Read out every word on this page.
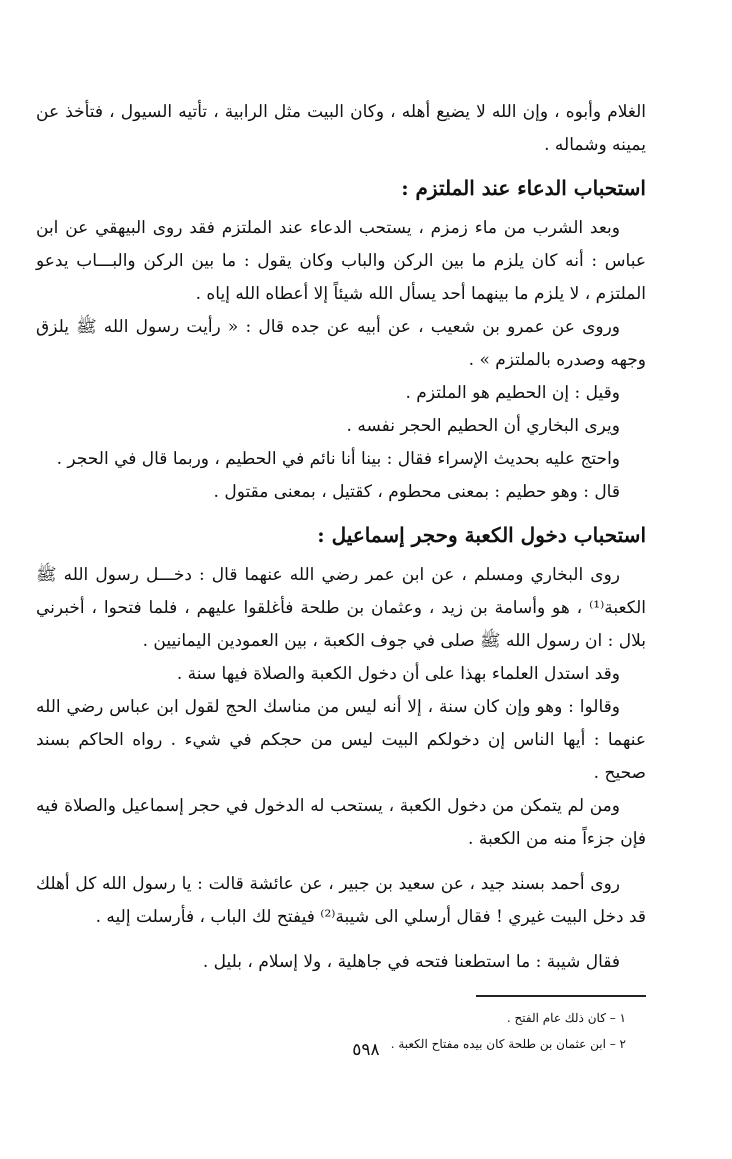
الغلام وأبوه ، وإن الله لا يضيع أهله ، وكان البيت مثل الرابية ، تأتيه السيول ، فتأخذ عن يمينه وشماله .

استحباب الدعاء عند الملتزم :

وبعد الشرب من ماء زمزم ، يستحب الدعاء عند الملتزم فقد روى البيهقي عن ابن عباس : أنه كان يلزم ما بين الركن والباب وكان يقول : ما بين الركن والبـــاب يدعو الملتزم ، لا يلزم ما بينهما أحد يسأل الله شيئاً إلا أعطاه الله إياه .

وروى عن عمرو بن شعيب ، عن أبيه عن جده قال : « رأيت رسول الله ﷺ يلزق وجهه وصدره بالملتزم » .

وقيل : إن الحطيم هو الملتزم .

ويرى البخاري أن الحطيم الحجر نفسه .

واحتج عليه بحديث الإسراء فقال : بينا أنا نائم في الحطيم ، وربما قال في الحجر .

قال : وهو حطيم : بمعنى محطوم ، كقتيل ، بمعنى مقتول .

استحباب دخول الكعبة وحجر إسماعيل :

روى البخاري ومسلم ، عن ابن عمر رضي الله عنهما قال : دخـــل رسول الله ﷺ الكعبة⁽¹⁾ ، هو وأسامة بن زيد ، وعثمان بن طلحة فأغلقوا عليهم ، فلما فتحوا ، أخبرني بلال : ان رسول الله ﷺ صلى في جوف الكعبة ، بين العمودين اليمانيين .

وقد استدل العلماء بهذا على أن دخول الكعبة والصلاة فيها سنة .

وقالوا : وهو وإن كان سنة ، إلا أنه ليس من مناسك الحج لقول ابن عباس رضي الله عنهما : أيها الناس إن دخولكم البيت ليس من حجكم في شيء . رواه الحاكم بسند صحيح .

ومن لم يتمكن من دخول الكعبة ، يستحب له الدخول في حجر إسماعيل والصلاة فيه فإن جزءاً منه من الكعبة .

روى أحمد بسند جيد ، عن سعيد بن جبير ، عن عائشة قالت : يا رسول الله كل أهلك قد دخل البيت غيري ! فقال أرسلي الى شيبة⁽²⁾ فيفتح لك الباب ، فأرسلت إليه .

فقال شيبة : ما استطعنا فتحه في جاهلية ، ولا إسلام ، بليل .

١ – كان ذلك عام الفتح .
٢ – ابن عثمان بن طلحة كان بيده مفتاح الكعبة .
٥٩٨
